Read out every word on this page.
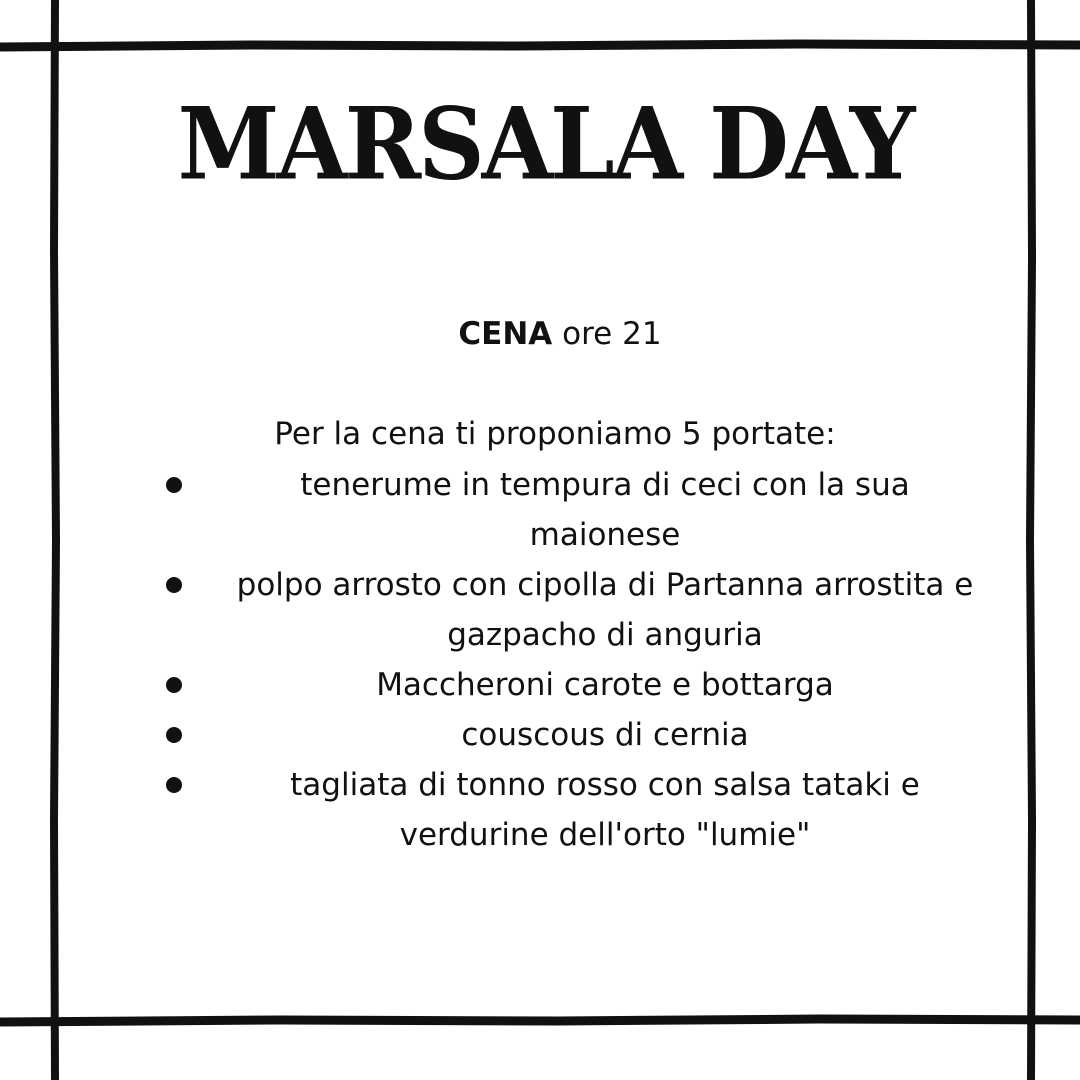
MARSALA DAY

CENA ore 21

Per la cena ti proponiamo 5 portate:

tenerume in tempura di ceci con la sua maionese
polpo arrosto con cipolla di Partanna arrostita e gazpacho di anguria
Maccheroni carote e bottarga
couscous di cernia
tagliata di tonno rosso con salsa tataki e verdurine dell'orto "lumie"
